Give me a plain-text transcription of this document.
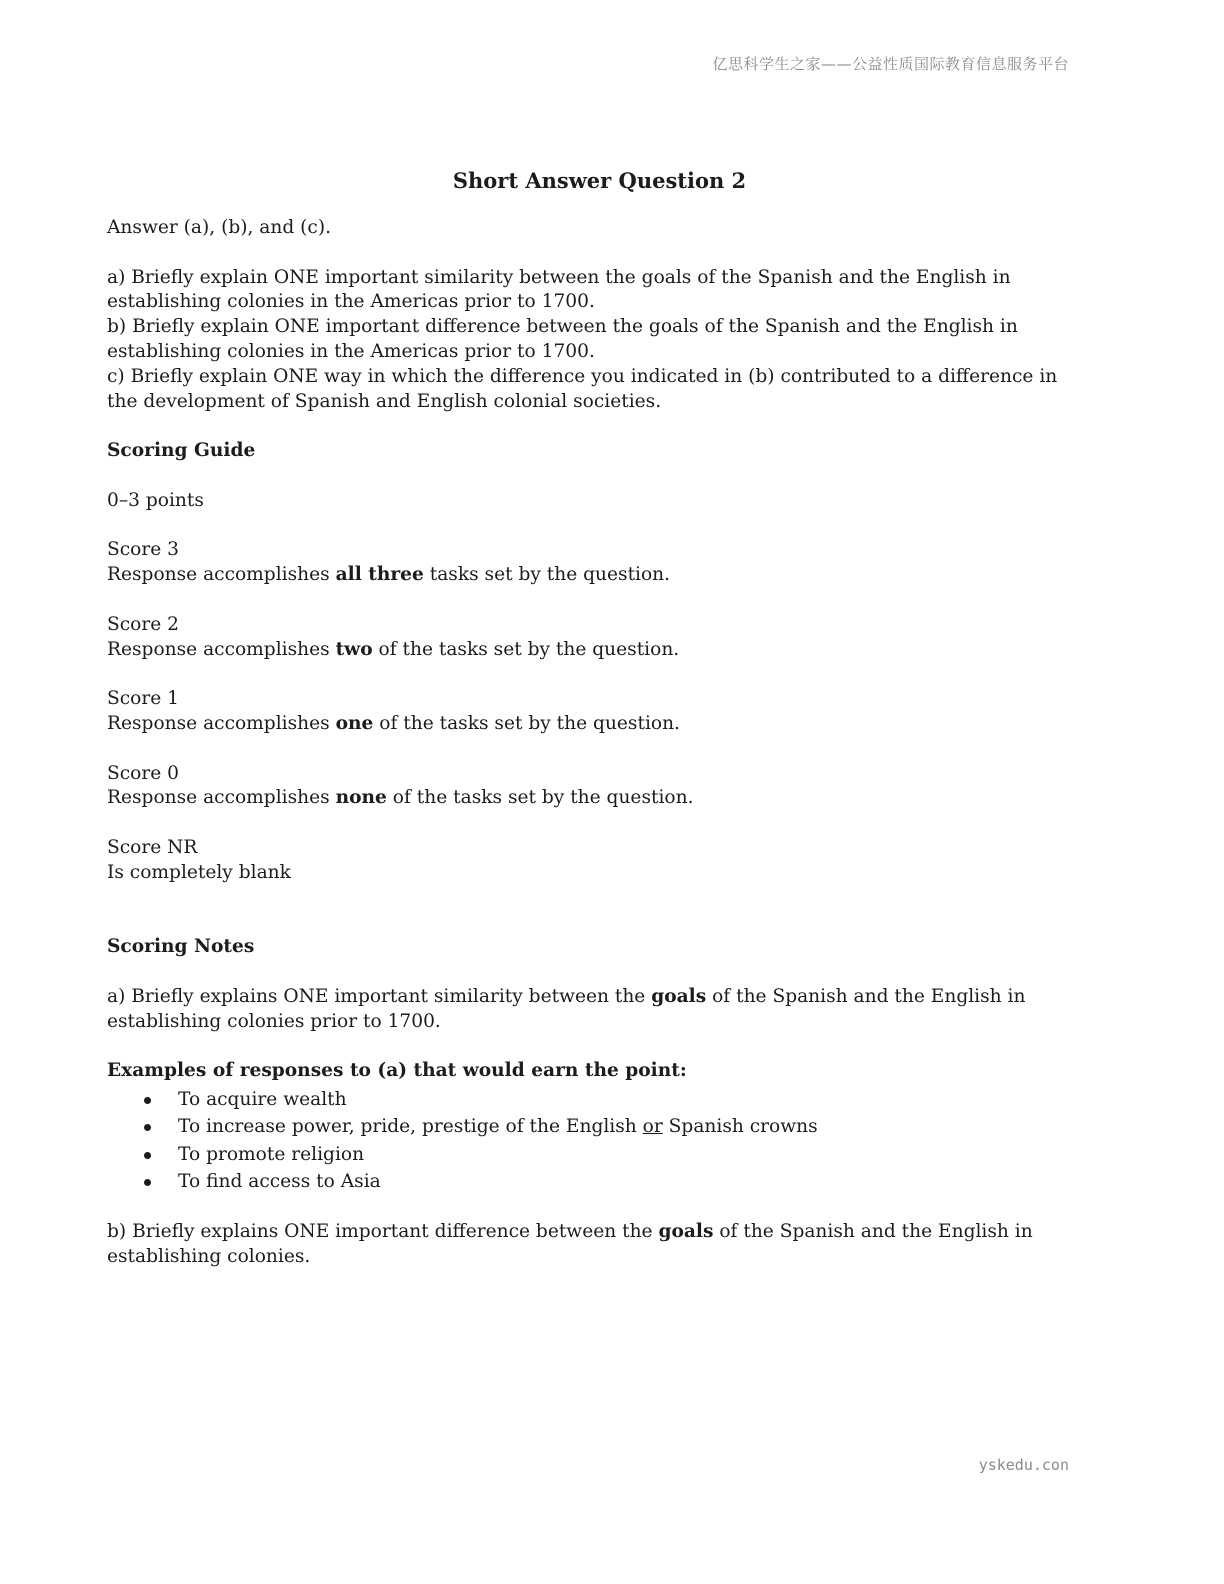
亿思科学生之家——公益性质国际教育信息服务平台

Short Answer Question 2

Answer (a), (b), and (c).

a) Briefly explain ONE important similarity between the goals of the Spanish and the English in establishing colonies in the Americas prior to 1700.

b) Briefly explain ONE important difference between the goals of the Spanish and the English in establishing colonies in the Americas prior to 1700.

c) Briefly explain ONE way in which the difference you indicated in (b) contributed to a difference in the development of Spanish and English colonial societies.

Scoring Guide

0–3 points

Score 3

Response accomplishes all three tasks set by the question.

Score 2

Response accomplishes two of the tasks set by the question.

Score 1

Response accomplishes one of the tasks set by the question.

Score 0

Response accomplishes none of the tasks set by the question.

Score NR

Is completely blank

Scoring Notes

a) Briefly explains ONE important similarity between the goals of the Spanish and the English in establishing colonies prior to 1700.

Examples of responses to (a) that would earn the point:

To acquire wealth
To increase power, pride, prestige of the English or Spanish crowns
To promote religion
To find access to Asia

b) Briefly explains ONE important difference between the goals of the Spanish and the English in establishing colonies.

yskedu.con
